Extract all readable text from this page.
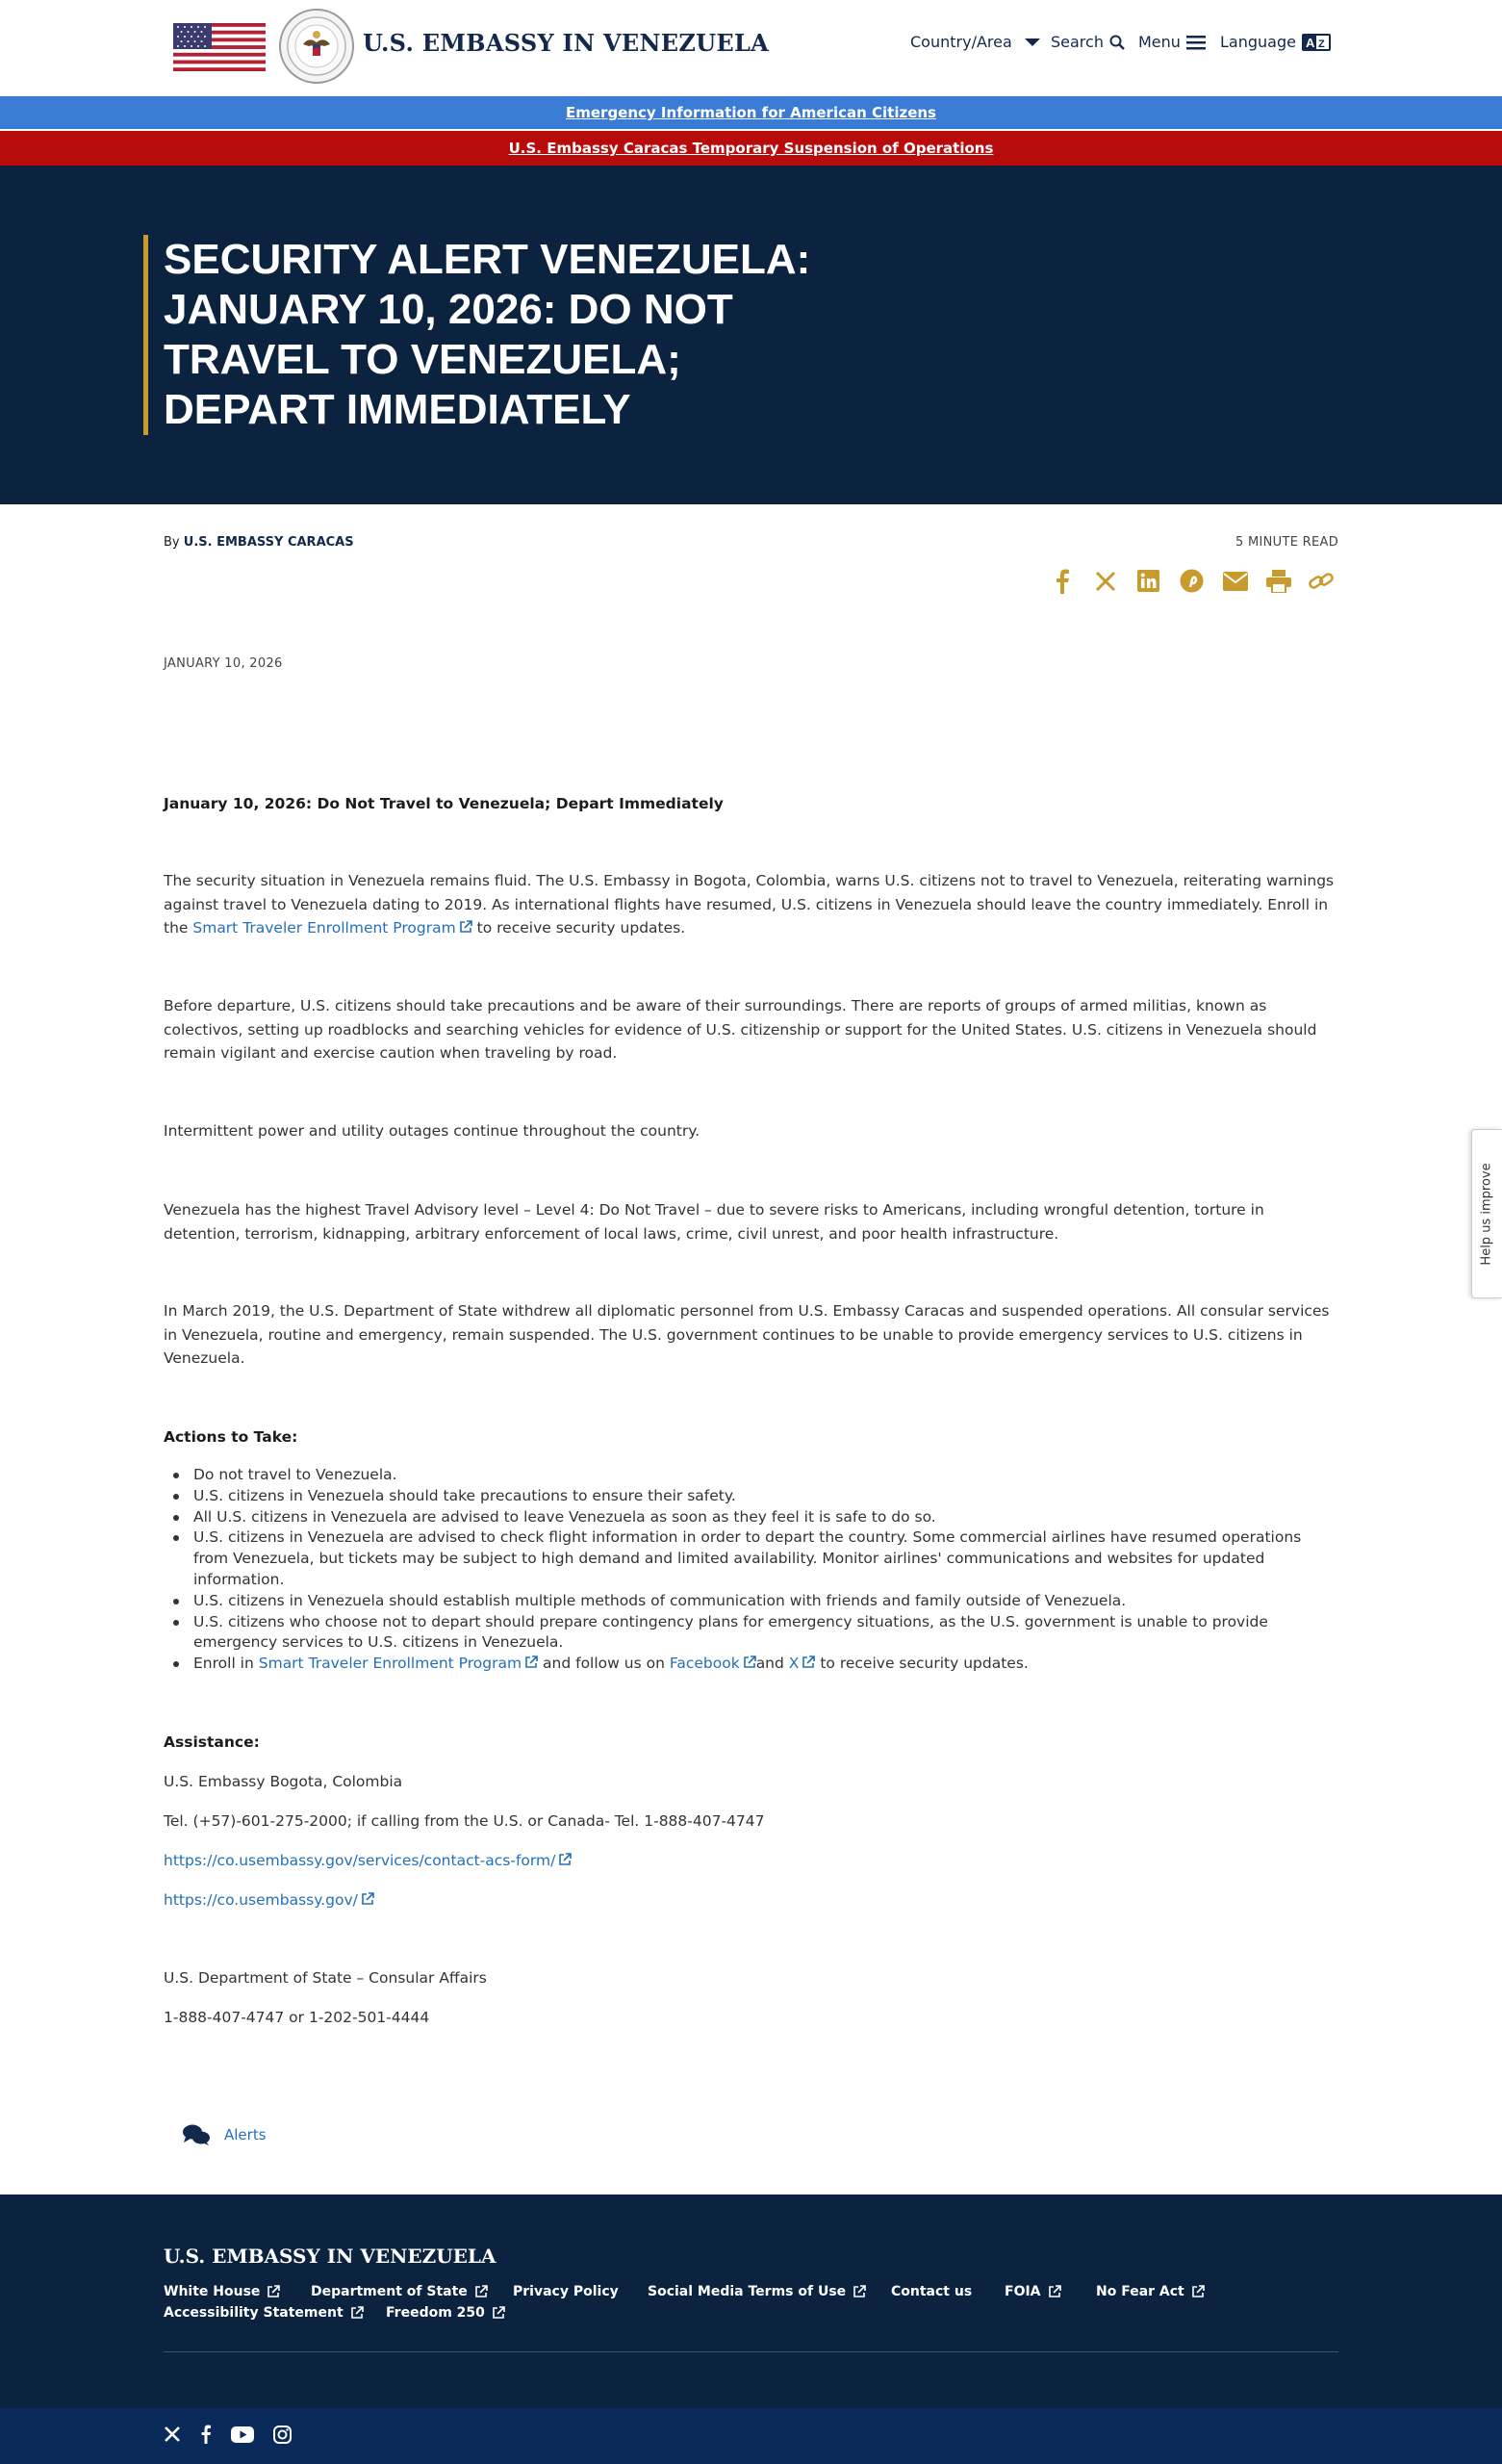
U.S. EMBASSY IN VENEZUELA	Country/Area	Search Menu	Language A Z
Emergency Information for American Citizens
U.S. Embassy Caracas Temporary Suspension of Operations
SECURITY ALERT VENEZUELA: JANUARY 10, 2026: DO NOT TRAVEL TO VENEZUELA; DEPART IMMEDIATELY
By U.S. EMBASSY CARACAS	5 MINUTE READ
JANUARY 10, 2026

January 10, 2026: Do Not Travel to Venezuela; Depart Immediately

The security situation in Venezuela remains fluid. The U.S. Embassy in Bogota, Colombia, warns U.S. citizens not to travel to Venezuela, reiterating warnings against travel to Venezuela dating to 2019. As international flights have resumed, U.S. citizens in Venezuela should leave the country immediately. Enroll in the Smart Traveler Enrollment Program to receive security updates.

Before departure, U.S. citizens should take precautions and be aware of their surroundings. There are reports of groups of armed militias, known as colectivos, setting up roadblocks and searching vehicles for evidence of U.S. citizenship or support for the United States. U.S. citizens in Venezuela should remain vigilant and exercise caution when traveling by road.

Intermittent power and utility outages continue throughout the country.

Venezuela has the highest Travel Advisory level – Level 4: Do Not Travel – due to severe risks to Americans, including wrongful detention, torture in detention, terrorism, kidnapping, arbitrary enforcement of local laws, crime, civil unrest, and poor health infrastructure.

In March 2019, the U.S. Department of State withdrew all diplomatic personnel from U.S. Embassy Caracas and suspended operations. All consular services in Venezuela, routine and emergency, remain suspended. The U.S. government continues to be unable to provide emergency services to U.S. citizens in Venezuela.

Actions to Take:

Do not travel to Venezuela.
U.S. citizens in Venezuela should take precautions to ensure their safety.
All U.S. citizens in Venezuela are advised to leave Venezuela as soon as they feel it is safe to do so.
U.S. citizens in Venezuela are advised to check flight information in order to depart the country. Some commercial airlines have resumed operations from Venezuela, but tickets may be subject to high demand and limited availability. Monitor airlines' communications and websites for updated information.
U.S. citizens in Venezuela should establish multiple methods of communication with friends and family outside of Venezuela.
U.S. citizens who choose not to depart should prepare contingency plans for emergency situations, as the U.S. government is unable to provide emergency services to U.S. citizens in Venezuela.
Enroll in Smart Traveler Enrollment Program and follow us on Facebook and X to receive security updates.

Assistance:

U.S. Embassy Bogota, Colombia

Tel. (+57)-601-275-2000; if calling from the U.S. or Canada- Tel. 1-888-407-4747

https://co.usembassy.gov/services/contact-acs-form/
https://co.usembassy.gov/

U.S. Department of State – Consular Affairs

1-888-407-4747 or 1-202-501-4444

Alerts
Help us improve
U.S. EMBASSY IN VENEZUELA
White House	Department of State	Privacy Policy Social Media Terms of Use	Contact us FOIA	No Fear Act
Accessibility Statement	Freedom 250
